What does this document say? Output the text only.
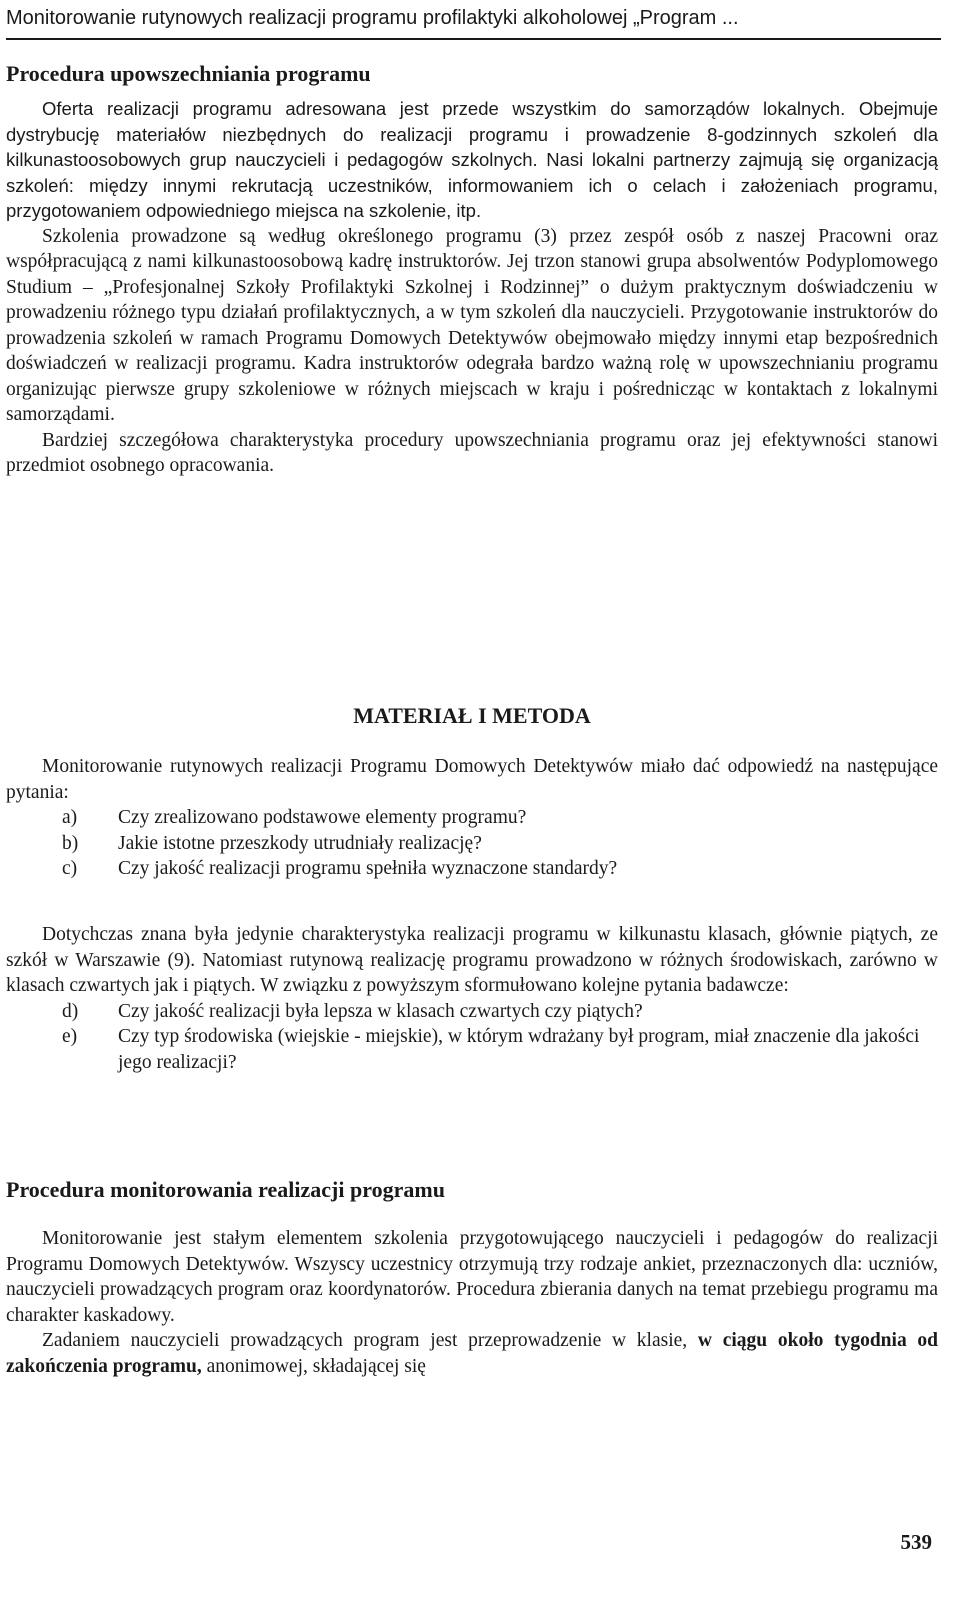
Monitorowanie rutynowych realizacji programu profilaktyki alkoholowej „Program ...
Procedura upowszechniania programu

Oferta realizacji programu adresowana jest przede wszystkim do samorządów lokalnych. Obejmuje dystrybucję materiałów niezbędnych do realizacji programu i prowadzenie 8-godzinnych szkoleń dla kilkunastoosobowych grup nauczycieli i pedagogów szkolnych. Nasi lokalni partnerzy zajmują się organizacją szkoleń: między innymi rekrutacją uczestników, informowaniem ich o celach i założeniach programu, przygotowaniem odpowiedniego miejsca na szkolenie, itp.

Szkolenia prowadzone są według określonego programu (3) przez zespół osób z naszej Pracowni oraz współpracującą z nami kilkunastoosobową kadrę instruktorów. Jej trzon stanowi grupa absolwentów Podyplomowego Studium – „Profesjonalnej Szkoły Profilaktyki Szkolnej i Rodzinnej” o dużym praktycznym doświadczeniu w prowadzeniu różnego typu działań profilaktycznych, a w tym szkoleń dla nauczycieli. Przygotowanie instruktorów do prowadzenia szkoleń w ramach Programu Domowych Detektywów obejmowało między innymi etap bezpośrednich doświadczeń w realizacji programu. Kadra instruktorów odegrała bardzo ważną rolę w upowszechnianiu programu organizując pierwsze grupy szkoleniowe w różnych miejscach w kraju i pośrednicząc w kontaktach z lokalnymi samorządami.

Bardziej szczegółowa charakterystyka procedury upowszechniania programu oraz jej efektywności stanowi przedmiot osobnego opracowania.

MATERIAŁ I METODA

Monitorowanie rutynowych realizacji Programu Domowych Detektywów miało dać odpowiedź na następujące pytania:

a) Czy zrealizowano podstawowe elementy programu?
b) Jakie istotne przeszkody utrudniały realizację?
c) Czy jakość realizacji programu spełniła wyznaczone standardy?

Dotychczas znana była jedynie charakterystyka realizacji programu w kilkunastu klasach, głównie piątych, ze szkół w Warszawie (9). Natomiast rutynową realizację programu prowadzono w różnych środowiskach, zarówno w klasach czwartych jak i piątych. W związku z powyższym sformułowano kolejne pytania badawcze:

d) Czy jakość realizacji była lepsza w klasach czwartych czy piątych?
e) Czy typ środowiska (wiejskie - miejskie), w którym wdrażany był program, miał znaczenie dla jakości jego realizacji?
Procedura monitorowania realizacji programu

Monitorowanie jest stałym elementem szkolenia przygotowującego nauczycieli i pedagogów do realizacji Programu Domowych Detektywów. Wszyscy uczestnicy otrzymują trzy rodzaje ankiet, przeznaczonych dla: uczniów, nauczycieli prowadzących program oraz koordynatorów. Procedura zbierania danych na temat przebiegu programu ma charakter kaskadowy.

Zadaniem nauczycieli prowadzących program jest przeprowadzenie w klasie, w ciągu około tygodnia od zakończenia programu, anonimowej, składającej się

539
